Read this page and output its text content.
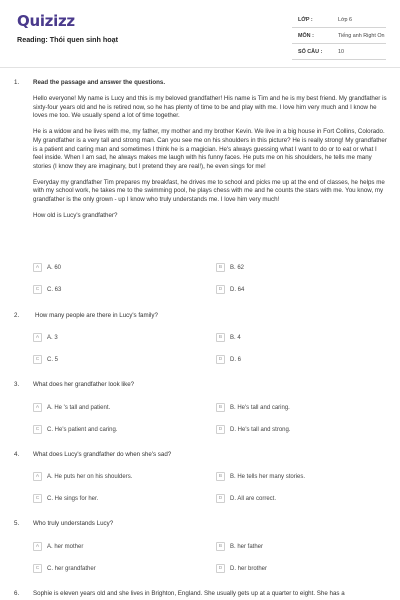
Quizizz
Reading: Thói quen sinh hoạt
LỚP :	Lớp 6
MÔN :	Tiếng anh Right On
SỐ CÂU :	10
1. Read the passage and answer the questions.

Hello everyone! My name is Lucy and this is my beloved grandfather! His name is Tim and he is my best friend. My grandfather is sixty-four years old and he is retired now, so he has plenty of time to be and play with me. I love him very much and I know he loves me too. We usually spend a lot of time together.

He is a widow and he lives with me, my father, my mother and my brother Kevin. We live in a big house in Fort Collins, Colorado. My grandfather is a very tall and strong man. Can you see me on his shoulders in this picture? He is really strong! My grandfather is a patient and caring man and sometimes I think he is a magician. He's always guessing what I want to do or to eat or what I feel inside. When I am sad, he always makes me laugh with his funny faces. He puts me on his shoulders, he tells me many stories (I know they are imaginary, but I pretend they are real!), he even sings for me!

Everyday my grandfather Tim prepares my breakfast, he drives me to school and picks me up at the end of classes, he helps me with my school work, he takes me to the swimming pool, he plays chess with me and he counts the stars with me. You know, my grandfather is the only grown - up I know who truly understands me. I love him very much!

How old is Lucy's grandfather?

A	A. 60	B	B. 62
C	C. 63	D	D. 64
2.	How many people are there in Lucy's family?
A	A. 3	B	B. 4
C	C. 5	D	D. 6
3. What does her grandfather look like?
A	A. He 's tall and patient.	B	B. He's tall and caring.
C	C. He's patient and caring.	D	D. He's tall and strong.
4. What does Lucy's grandfather do when she's sad?
A	A. He puts her on his shoulders.	B	B. He tells her many stories.
C	C. He sings for her.	D	D. All are correct.
5. Who truly understands Lucy?
A	A. her mother	B	B. her father
C	C. her grandfather	D	D. her brother
6. Sophie is eleven years old and she lives in Brighton, England. She usually gets up at a quarter to eight. She has a
